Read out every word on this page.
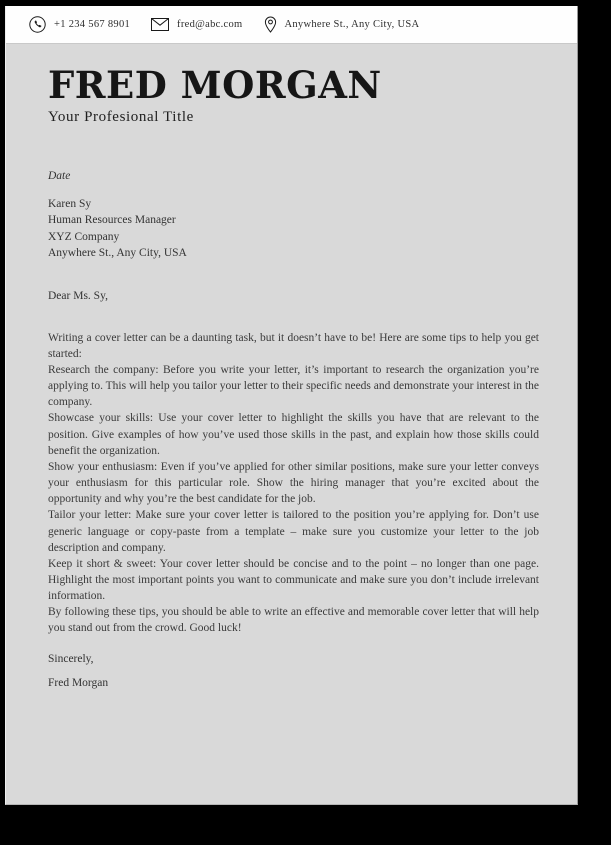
+1 234 567 8901	fred@abc.com	Anywhere St., Any City, USA
FRED MORGAN
Your Profesional Title
Date
Karen Sy
Human Resources Manager
XYZ Company
Anywhere St., Any City, USA
Dear Ms. Sy,

Writing a cover letter can be a daunting task, but it doesn’t have to be! Here are some tips to help you get started:

Research the company: Before you write your letter, it’s important to research the organization you’re applying to. This will help you tailor your letter to their specific needs and demonstrate your interest in the company.

Showcase your skills: Use your cover letter to highlight the skills you have that are relevant to the position. Give examples of how you’ve used those skills in the past, and explain how those skills could benefit the organization.

Show your enthusiasm: Even if you’ve applied for other similar positions, make sure your letter conveys your enthusiasm for this particular role. Show the hiring manager that you’re excited about the opportunity and why you’re the best candidate for the job.

Tailor your letter: Make sure your cover letter is tailored to the position you’re applying for. Don’t use generic language or copy-paste from a template – make sure you customize your letter to the job description and company.

Keep it short & sweet: Your cover letter should be concise and to the point – no longer than one page. Highlight the most important points you want to communicate and make sure you don’t include irrelevant information.

By following these tips, you should be able to write an effective and memorable cover letter that will help you stand out from the crowd. Good luck!

Sincerely,
Fred Morgan
